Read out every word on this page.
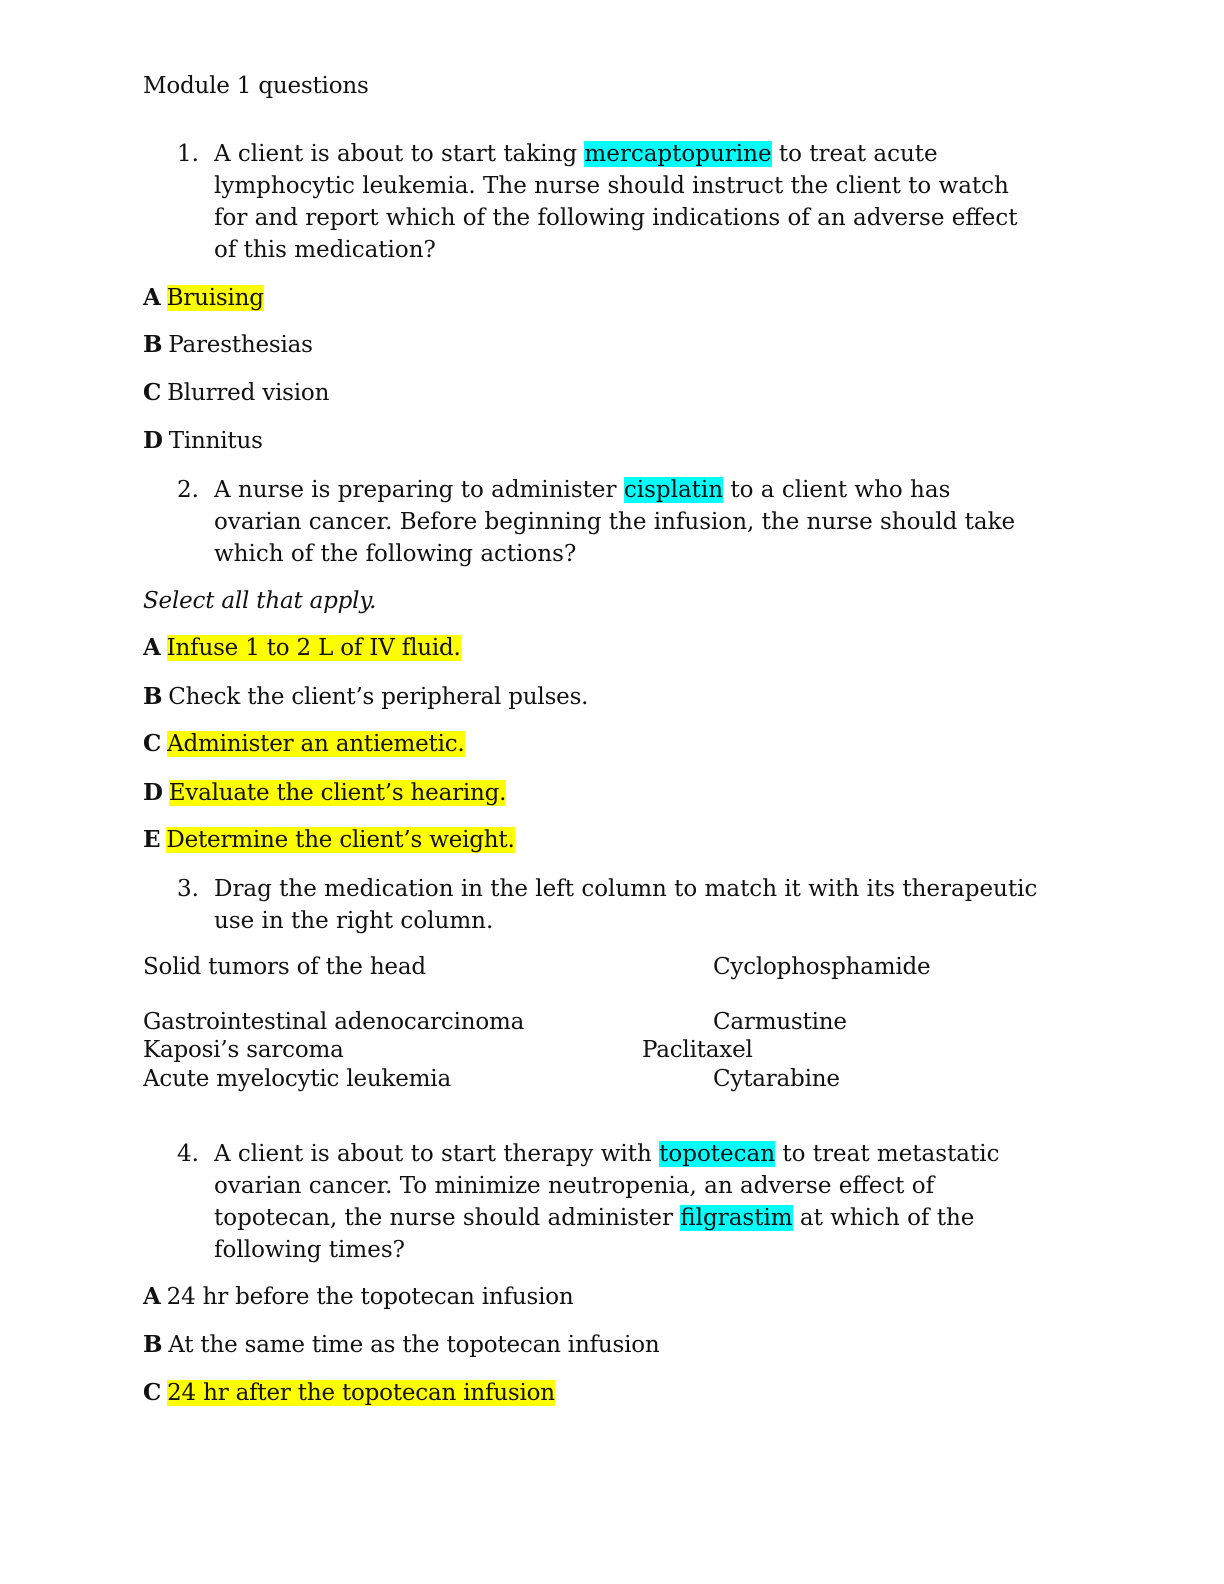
Module 1 questions
1. A client is about to start taking mercaptopurine to treat acute
lymphocytic leukemia. The nurse should instruct the client to watch
for and report which of the following indications of an adverse effect
of this medication?
A Bruising
B Paresthesias
C Blurred vision
D Tinnitus
2. A nurse is preparing to administer cisplatin to a client who has
ovarian cancer. Before beginning the infusion, the nurse should take
which of the following actions?
Select all that apply.
A Infuse 1 to 2 L of IV fluid.
B Check the client’s peripheral pulses.
C Administer an antiemetic.
D Evaluate the client’s hearing.
E Determine the client’s weight.
3. Drag the medication in the left column to match it with its therapeutic
use in the right column.
Solid tumors of the head	Cyclophosphamide
Gastrointestinal adenocarcinoma	Carmustine
Kaposi’s sarcoma	Paclitaxel
Acute myelocytic leukemia	Cytarabine
4. A client is about to start therapy with topotecan to treat metastatic
ovarian cancer. To minimize neutropenia, an adverse effect of
topotecan, the nurse should administer filgrastim at which of the
following times?
A 24 hr before the topotecan infusion
B At the same time as the topotecan infusion
C 24 hr after the topotecan infusion
